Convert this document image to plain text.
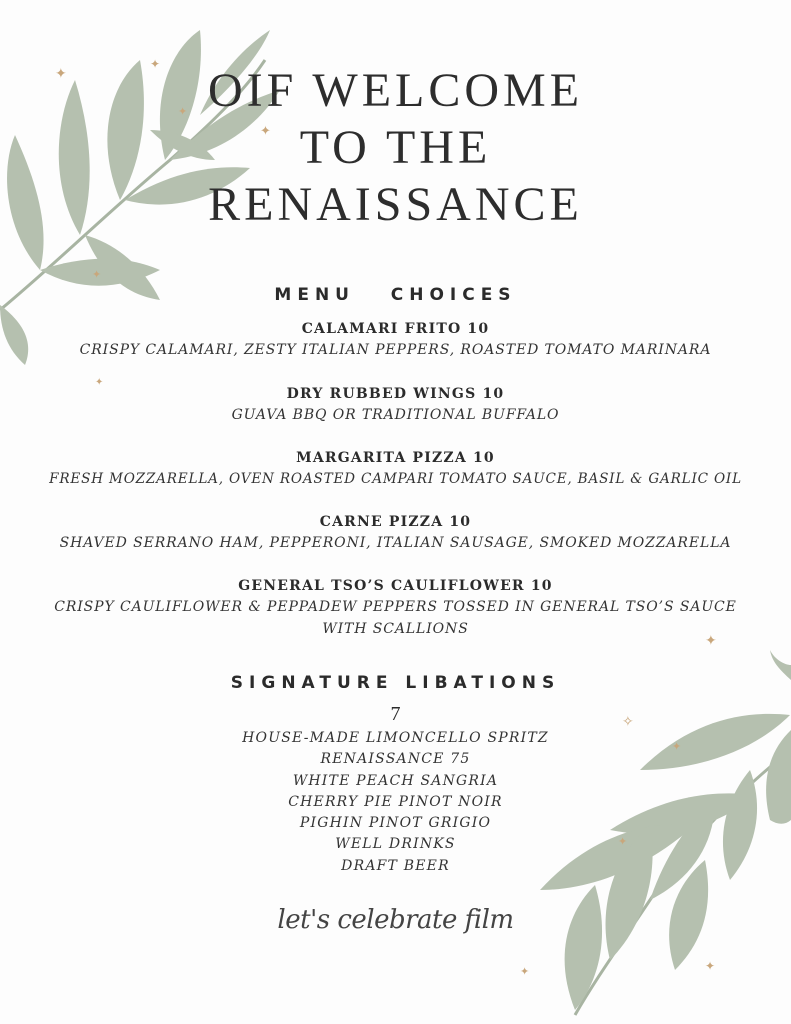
✦
✦
✦
✦
✦
✦
✧
✦
✦
✦
✦
✦
OIF WELCOME
TO THE
RENAISSANCE
MENU   CHOICES
CALAMARI FRITO 10
CRISPY CALAMARI, ZESTY ITALIAN PEPPERS, ROASTED TOMATO MARINARA
DRY RUBBED WINGS 10
GUAVA BBQ OR TRADITIONAL BUFFALO
MARGARITA PIZZA 10
FRESH MOZZARELLA, OVEN ROASTED CAMPARI TOMATO SAUCE, BASIL & GARLIC OIL
CARNE PIZZA 10
SHAVED SERRANO HAM, PEPPERONI, ITALIAN SAUSAGE, SMOKED MOZZARELLA
GENERAL TSO’S CAULIFLOWER 10
CRISPY CAULIFLOWER & PEPPADEW PEPPERS TOSSED IN GENERAL TSO’S SAUCE
WITH SCALLIONS
SIGNATURE LIBATIONS
7
HOUSE-MADE LIMONCELLO SPRITZ
RENAISSANCE 75
WHITE PEACH SANGRIA
CHERRY PIE PINOT NOIR
PIGHIN PINOT GRIGIO
WELL DRINKS
DRAFT BEER
let's celebrate film
